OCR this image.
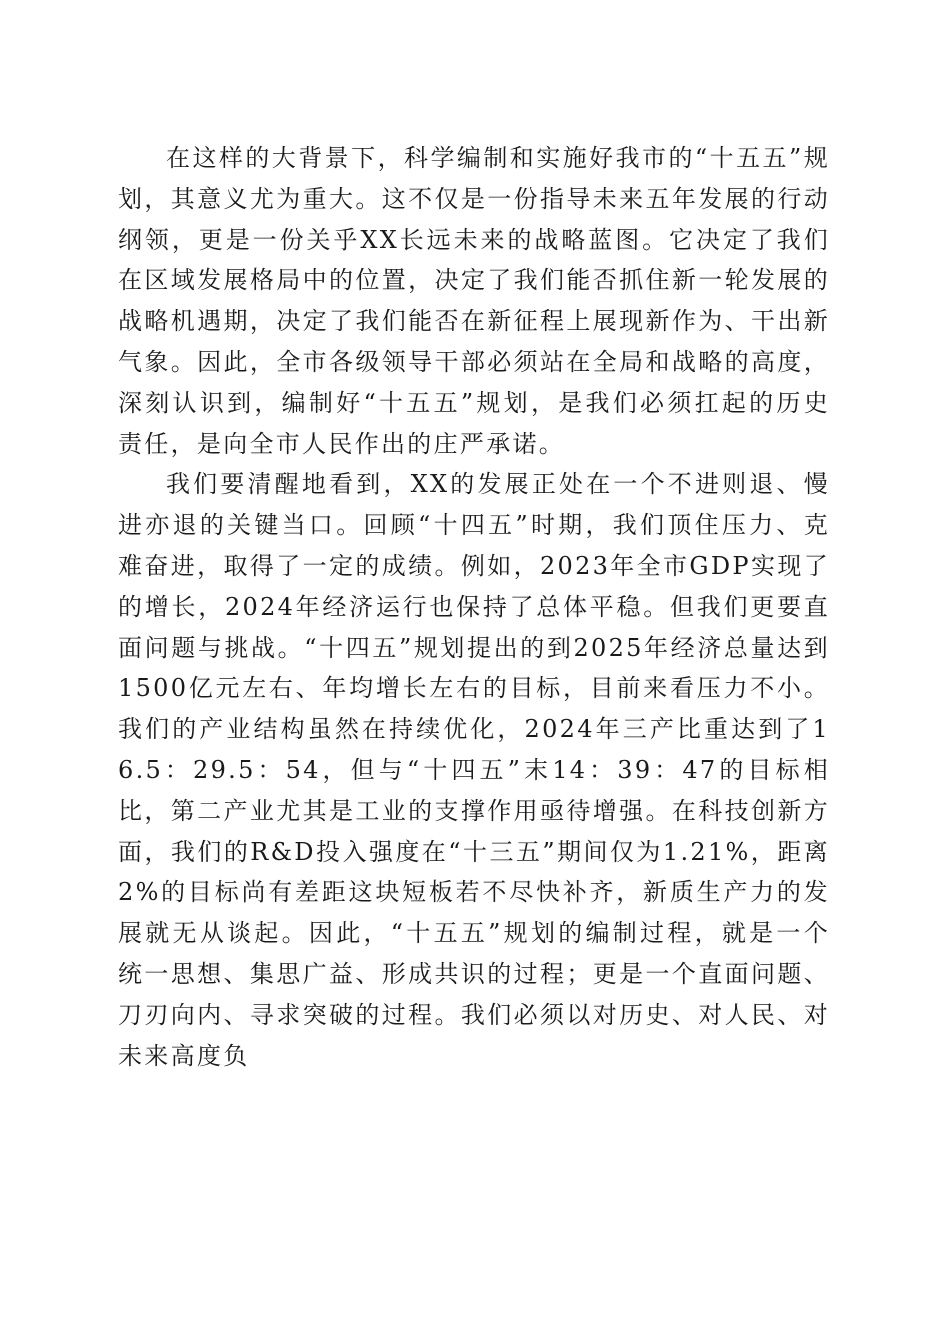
在这样的大背景下，科学编制和实施好我市的“十五五”规划，其意义尤为重大。这不仅是一份指导未来五年发展的行动纲领，更是一份关乎XX长远未来的战略蓝图。它决定了我们在区域发展格局中的位置，决定了我们能否抓住新一轮发展的战略机遇期，决定了我们能否在新征程上展现新作为、干出新气象。因此，全市各级领导干部必须站在全局和战略的高度，深刻认识到，编制好“十五五”规划，是我们必须扛起的历史责任，是向全市人民作出的庄严承诺。

我们要清醒地看到，XX的发展正处在一个不进则退、慢进亦退的关键当口。回顾“十四五”时期，我们顶住压力、克难奋进，取得了一定的成绩。例如，2023年全市GDP实现了的增长，2024年经济运行也保持了总体平稳。但我们更要直面问题与挑战。“十四五”规划提出的到2025年经济总量达到1500亿元左右、年均增长左右的目标，目前来看压力不小。我们的产业结构虽然在持续优化，2024年三产比重达到了16.5：29.5：54，但与“十四五”末14：39：47的目标相比，第二产业尤其是工业的支撑作用亟待增强。在科技创新方面，我们的R&D投入强度在“十三五”期间仅为1.21%，距离2%的目标尚有差距这块短板若不尽快补齐，新质生产力的发展就无从谈起。因此，“十五五”规划的编制过程，就是一个统一思想、集思广益、形成共识的过程；更是一个直面问题、刀刃向内、寻求突破的过程。我们必须以对历史、对人民、对未来高度负
